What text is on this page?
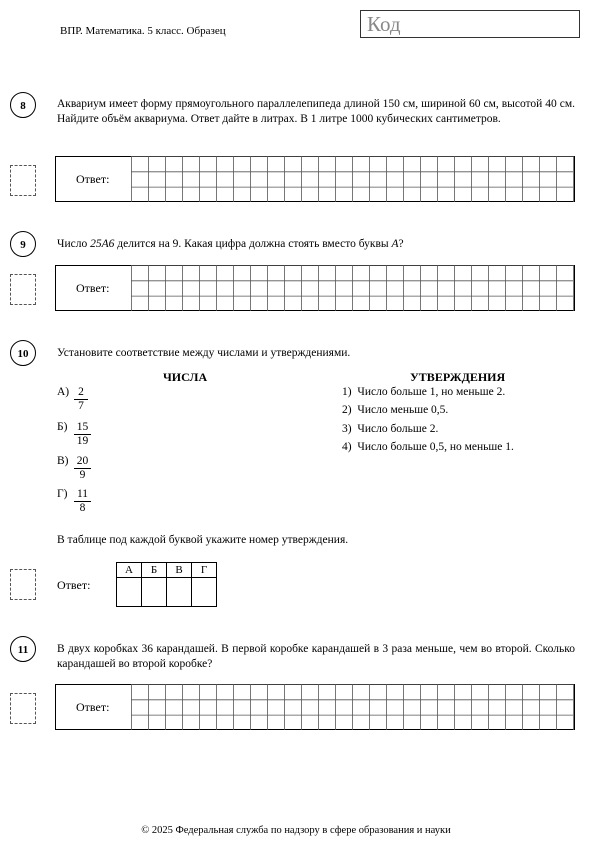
ВПР. Математика. 5 класс. Образец	Код
8	Аквариум имеет форму прямоугольного параллелепипеда длиной 150 см, шириной 60 см, высотой 40 см. Найдите объём аквариума. Ответ дайте в литрах. В 1 литре 1000 кубических сантиметров.
Ответ:
9	Число 25A6 делится на 9. Какая цифра должна стоять вместо буквы A?
Ответ:
10	Установите соответствие между числами и утверждениями.
ЧИСЛА	УТВЕРЖДЕНИЯ
$А) \frac{2}{7}$
$Б) \frac{15}{19}$
$В) \frac{20}{9}$
$Г) \frac{11}{8}$
1) Число больше 1, но меньше 2.
2) Число меньше 0,5.
3) Число больше 2.
4) Число больше 0,5, но меньше 1.
В таблице под каждой буквой укажите номер утверждения.
Ответ:
А	Б	В	Г

11	В двух коробках 36 карандашей. В первой коробке карандашей в 3 раза меньше, чем во второй. Сколько карандашей во второй коробке?
Ответ:
© 2025 Федеральная служба по надзору в сфере образования и науки
